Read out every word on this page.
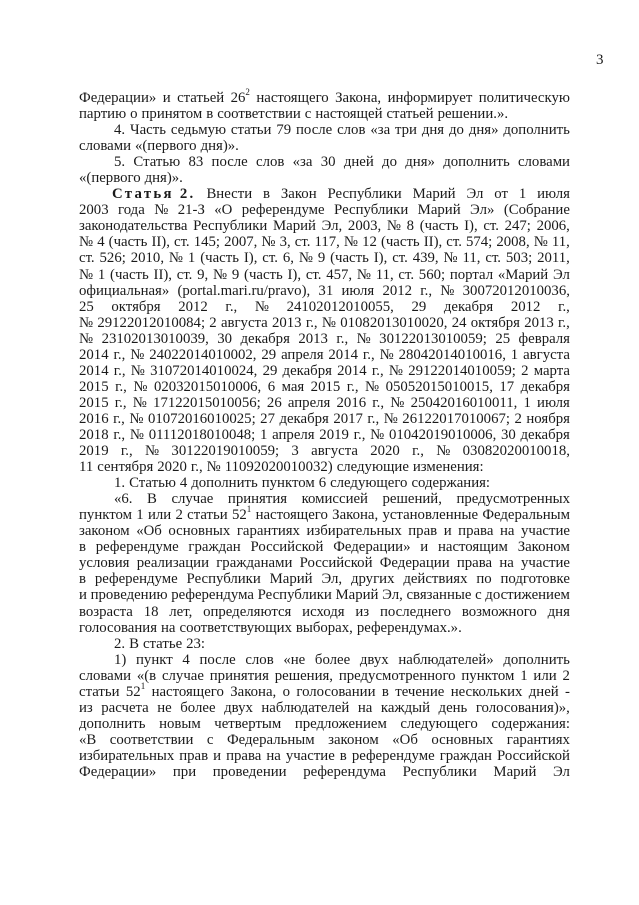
3
Федерации» и статьей $26^2$ настоящего Закона, информирует политическую
партию о принятом в соответствии с настоящей статьей решении.».
4. Часть седьмую статьи 79 после слов «за три дня до дня» дополнить
словами «(первого дня)».
5. Статью 83 после слов «за 30 дней до дня» дополнить словами
«(первого дня)».
Статья 2. Внести в Закон Республики Марий Эл от 1 июля
2003 года № 21-З «О референдуме Республики Марий Эл» (Собрание
законодательства Республики Марий Эл, 2003, № 8 (часть I), ст. 247; 2006,
№ 4 (часть II), ст. 145; 2007, № 3, ст. 117, № 12 (часть II), ст. 574; 2008, № 11,
ст. 526; 2010, № 1 (часть I), ст. 6, № 9 (часть I), ст. 439, № 11, ст. 503; 2011,
№ 1 (часть II), ст. 9, № 9 (часть I), ст. 457, № 11, ст. 560; портал «Марий Эл
официальная» (portal.mari.ru/pravo), 31 июля 2012 г., № 30072012010036,
25 октября 2012 г., № 24102012010055, 29 декабря 2012 г.,
№ 29122012010084; 2 августа 2013 г., № 01082013010020, 24 октября 2013 г.,
№ 23102013010039, 30 декабря 2013 г., № 30122013010059; 25 февраля
2014 г., № 24022014010002, 29 апреля 2014 г., № 28042014010016, 1 августа
2014 г., № 31072014010024, 29 декабря 2014 г., № 29122014010059; 2 марта
2015 г., № 02032015010006, 6 мая 2015 г., № 05052015010015, 17 декабря
2015 г., № 17122015010056; 26 апреля 2016 г., № 25042016010011, 1 июля
2016 г., № 01072016010025; 27 декабря 2017 г., № 26122017010067; 2 ноября
2018 г., № 01112018010048; 1 апреля 2019 г., № 01042019010006, 30 декабря
2019 г., № 30122019010059; 3 августа 2020 г., № 03082020010018,
11 сентября 2020 г., № 11092020010032) следующие изменения:
1. Статью 4 дополнить пунктом 6 следующего содержания:
«6. В случае принятия комиссией решений, предусмотренных
пунктом 1 или 2 статьи $52^1$ настоящего Закона, установленные Федеральным
законом «Об основных гарантиях избирательных прав и права на участие
в референдуме граждан Российской Федерации» и настоящим Законом
условия реализации гражданами Российской Федерации права на участие
в референдуме Республики Марий Эл, других действиях по подготовке
и проведению референдума Республики Марий Эл, связанные с достижением
возраста 18 лет, определяются исходя из последнего возможного дня
голосования на соответствующих выборах, референдумах.».
2. В статье 23:
1) пункт 4 после слов «не более двух наблюдателей» дополнить
словами «(в случае принятия решения, предусмотренного пунктом 1 или 2
статьи $52^1$ настоящего Закона, о голосовании в течение нескольких дней -
из расчета не более двух наблюдателей на каждый день голосования)»,
дополнить новым четвертым предложением следующего содержания:
«В соответствии с Федеральным законом «Об основных гарантиях
избирательных прав и права на участие в референдуме граждан Российской
Федерации» при проведении референдума Республики Марий Эл
